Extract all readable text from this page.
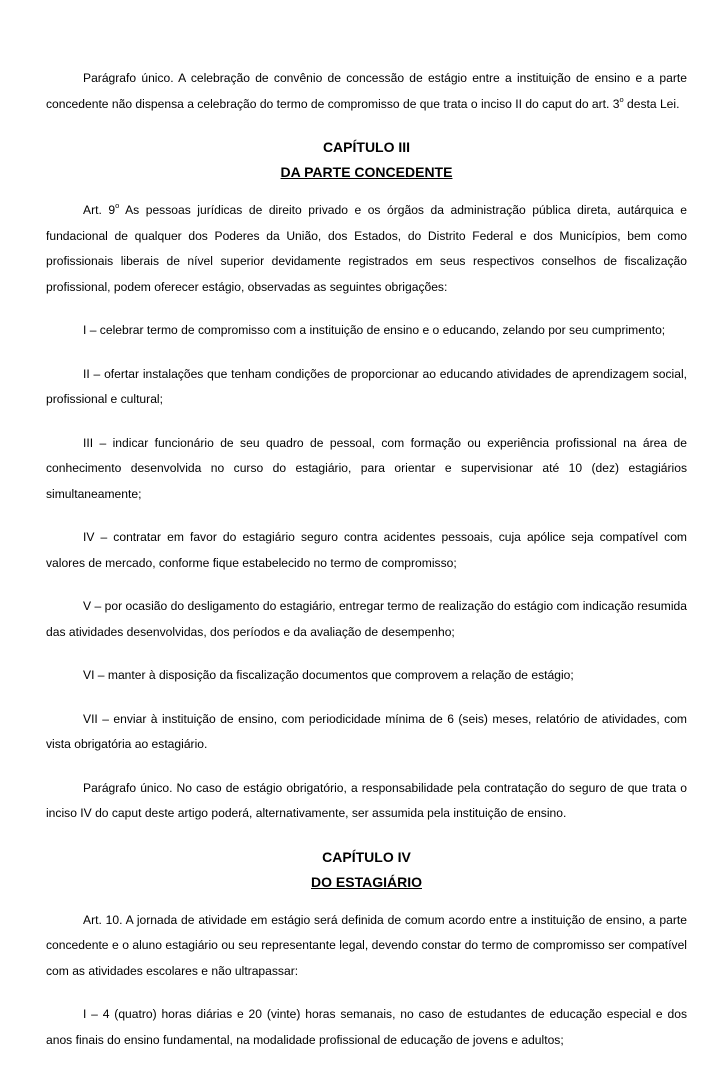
Parágrafo único. A celebração de convênio de concessão de estágio entre a instituição de ensino e a parte concedente não dispensa a celebração do termo de compromisso de que trata o inciso II do caput do art. 3$^o$ desta Lei.

CAPÍTULO III
DA PARTE CONCEDENTE

Art. 9$^o$ As pessoas jurídicas de direito privado e os órgãos da administração pública direta, autárquica e fundacional de qualquer dos Poderes da União, dos Estados, do Distrito Federal e dos Municípios, bem como profissionais liberais de nível superior devidamente registrados em seus respectivos conselhos de fiscalização profissional, podem oferecer estágio, observadas as seguintes obrigações:

I – celebrar termo de compromisso com a instituição de ensino e o educando, zelando por seu cumprimento;

II – ofertar instalações que tenham condições de proporcionar ao educando atividades de aprendizagem social, profissional e cultural;

III – indicar funcionário de seu quadro de pessoal, com formação ou experiência profissional na área de conhecimento desenvolvida no curso do estagiário, para orientar e supervisionar até 10 (dez) estagiários simultaneamente;

IV – contratar em favor do estagiário seguro contra acidentes pessoais, cuja apólice seja compatível com valores de mercado, conforme fique estabelecido no termo de compromisso;

V – por ocasião do desligamento do estagiário, entregar termo de realização do estágio com indicação resumida das atividades desenvolvidas, dos períodos e da avaliação de desempenho;

VI – manter à disposição da fiscalização documentos que comprovem a relação de estágio;

VII – enviar à instituição de ensino, com periodicidade mínima de 6 (seis) meses, relatório de atividades, com vista obrigatória ao estagiário.

Parágrafo único. No caso de estágio obrigatório, a responsabilidade pela contratação do seguro de que trata o inciso IV do caput deste artigo poderá, alternativamente, ser assumida pela instituição de ensino.

CAPÍTULO IV
DO ESTAGIÁRIO

Art. 10. A jornada de atividade em estágio será definida de comum acordo entre a instituição de ensino, a parte concedente e o aluno estagiário ou seu representante legal, devendo constar do termo de compromisso ser compatível com as atividades escolares e não ultrapassar:

I – 4 (quatro) horas diárias e 20 (vinte) horas semanais, no caso de estudantes de educação especial e dos anos finais do ensino fundamental, na modalidade profissional de educação de jovens e adultos;
